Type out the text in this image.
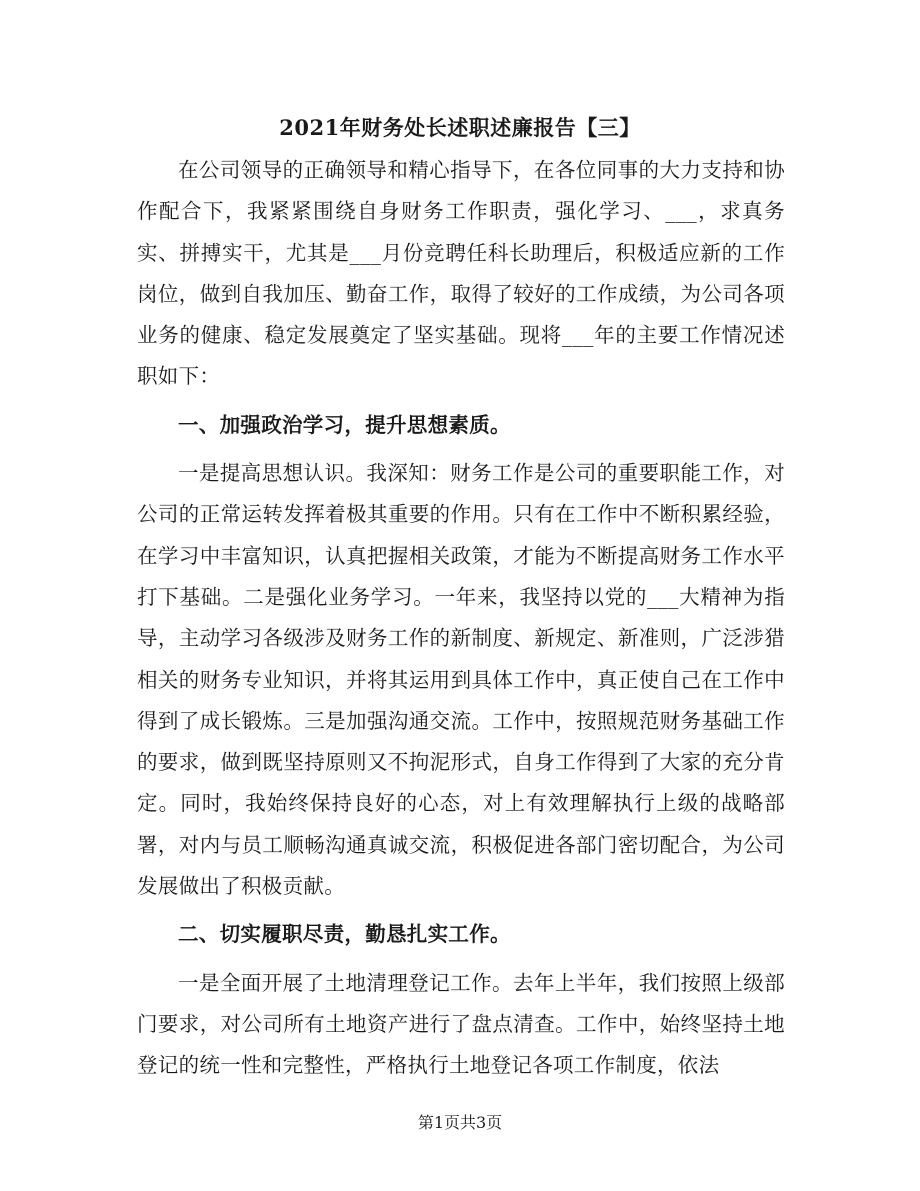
2021年财务处长述职述廉报告【三】

在公司领导的正确领导和精心指导下，在各位同事的大力支持和协作配合下，我紧紧围绕自身财务工作职责，强化学习、___，求真务实、拼搏实干，尤其是___月份竞聘任科长助理后，积极适应新的工作岗位，做到自我加压、勤奋工作，取得了较好的工作成绩，为公司各项业务的健康、稳定发展奠定了坚实基础。现将___年的主要工作情况述职如下：

一、加强政治学习，提升思想素质。

一是提高思想认识。我深知：财务工作是公司的重要职能工作，对公司的正常运转发挥着极其重要的作用。只有在工作中不断积累经验，在学习中丰富知识，认真把握相关政策，才能为不断提高财务工作水平打下基础。二是强化业务学习。一年来，我坚持以党的___大精神为指导，主动学习各级涉及财务工作的新制度、新规定、新准则，广泛涉猎相关的财务专业知识，并将其运用到具体工作中，真正使自己在工作中得到了成长锻炼。三是加强沟通交流。工作中，按照规范财务基础工作的要求，做到既坚持原则又不拘泥形式，自身工作得到了大家的充分肯定。同时，我始终保持良好的心态，对上有效理解执行上级的战略部署，对内与员工顺畅沟通真诚交流，积极促进各部门密切配合，为公司发展做出了积极贡献。

二、切实履职尽责，勤恳扎实工作。

一是全面开展了土地清理登记工作。去年上半年，我们按照上级部门要求，对公司所有土地资产进行了盘点清查。工作中，始终坚持土地登记的统一性和完整性，严格执行土地登记各项工作制度，依法

第1页共3页
